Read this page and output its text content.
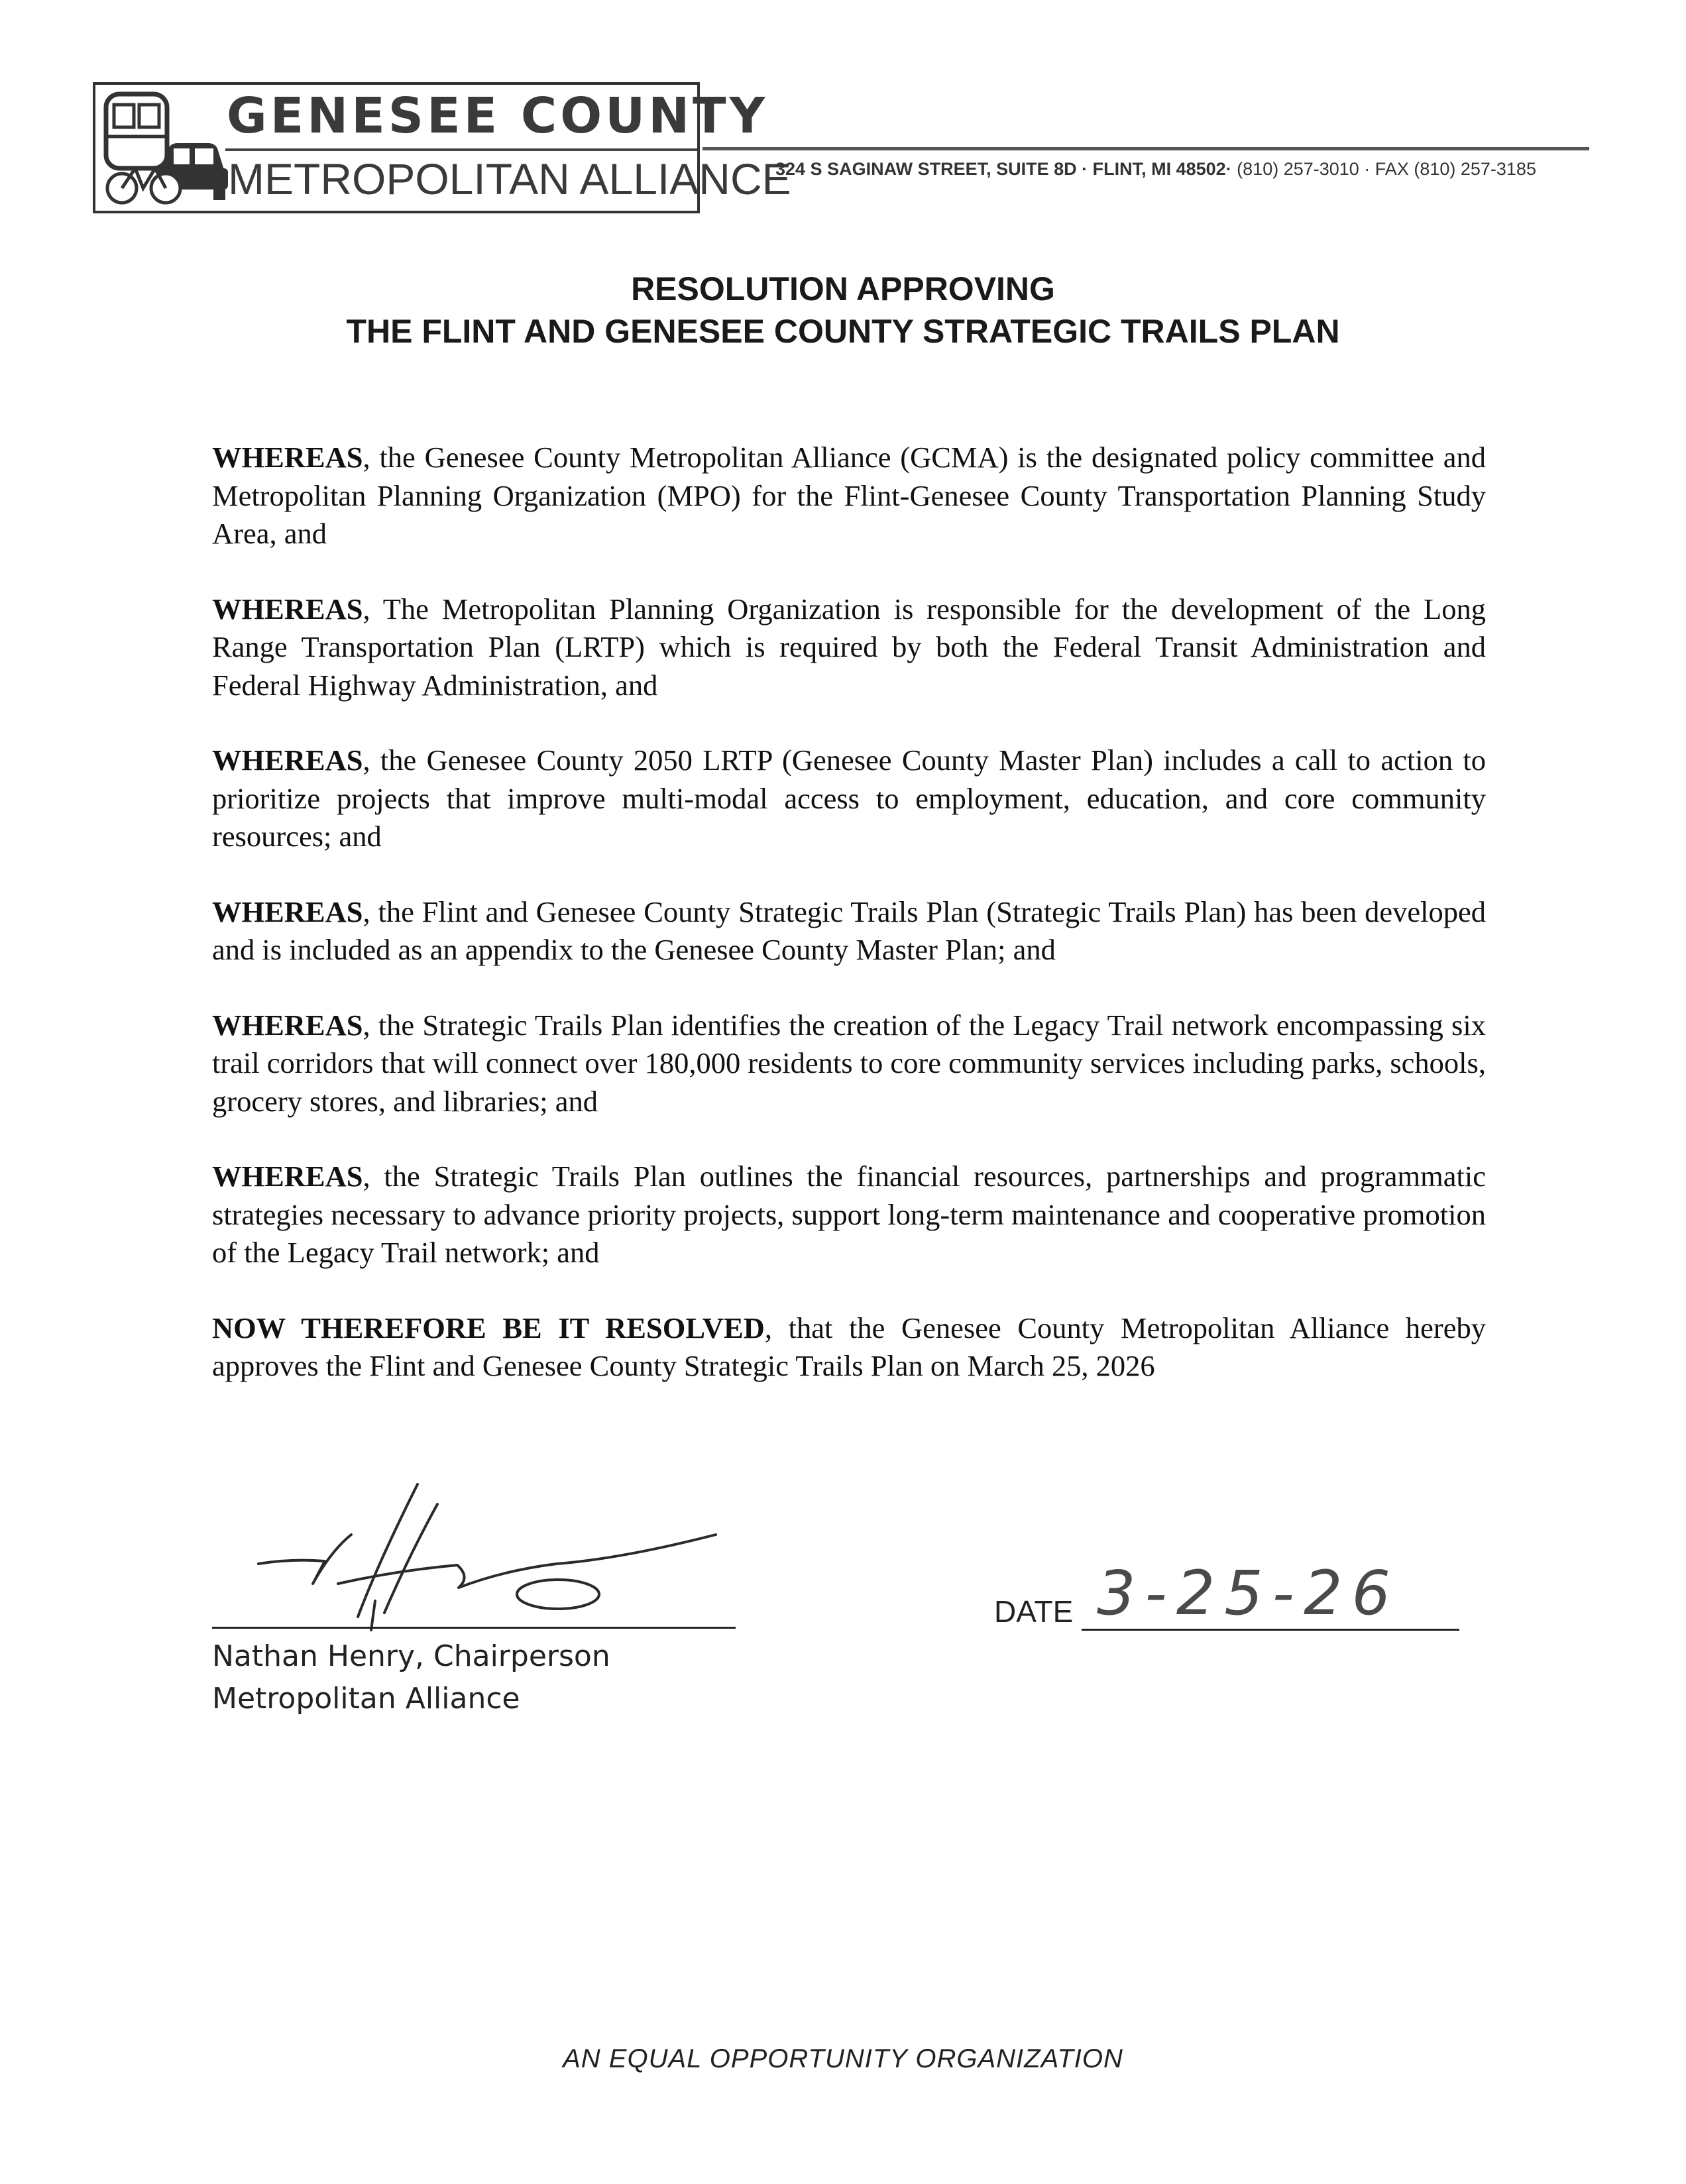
GENESEE COUNTY
METROPOLITAN ALLIANCE
324 S SAGINAW STREET, SUITE 8D · FLINT, MI 48502· (810) 257-3010 · FAX (810) 257-3185
RESOLUTION APPROVING
THE FLINT AND GENESEE COUNTY STRATEGIC TRAILS PLAN

WHEREAS, the Genesee County Metropolitan Alliance (GCMA) is the designated policy committee and Metropolitan Planning Organization (MPO) for the Flint-Genesee County Transportation Planning Study Area, and

WHEREAS, The Metropolitan Planning Organization is responsible for the development of the Long Range Transportation Plan (LRTP) which is required by both the Federal Transit Administration and Federal Highway Administration, and

WHEREAS, the Genesee County 2050 LRTP (Genesee County Master Plan) includes a call to action to prioritize projects that improve multi-modal access to employment, education, and core community resources; and

WHEREAS, the Flint and Genesee County Strategic Trails Plan (Strategic Trails Plan) has been developed and is included as an appendix to the Genesee County Master Plan; and

WHEREAS, the Strategic Trails Plan identifies the creation of the Legacy Trail network encompassing six trail corridors that will connect over 180,000 residents to core community services including parks, schools, grocery stores, and libraries; and

WHEREAS, the Strategic Trails Plan outlines the financial resources, partnerships and programmatic strategies necessary to advance priority projects, support long-term maintenance and cooperative promotion of the Legacy Trail network; and

NOW THEREFORE BE IT RESOLVED, that the Genesee County Metropolitan Alliance hereby approves the Flint and Genesee County Strategic Trails Plan on March 25, 2026

Nathan Henry, Chairperson
Metropolitan Alliance
DATE 3-25-26
AN EQUAL OPPORTUNITY ORGANIZATION
